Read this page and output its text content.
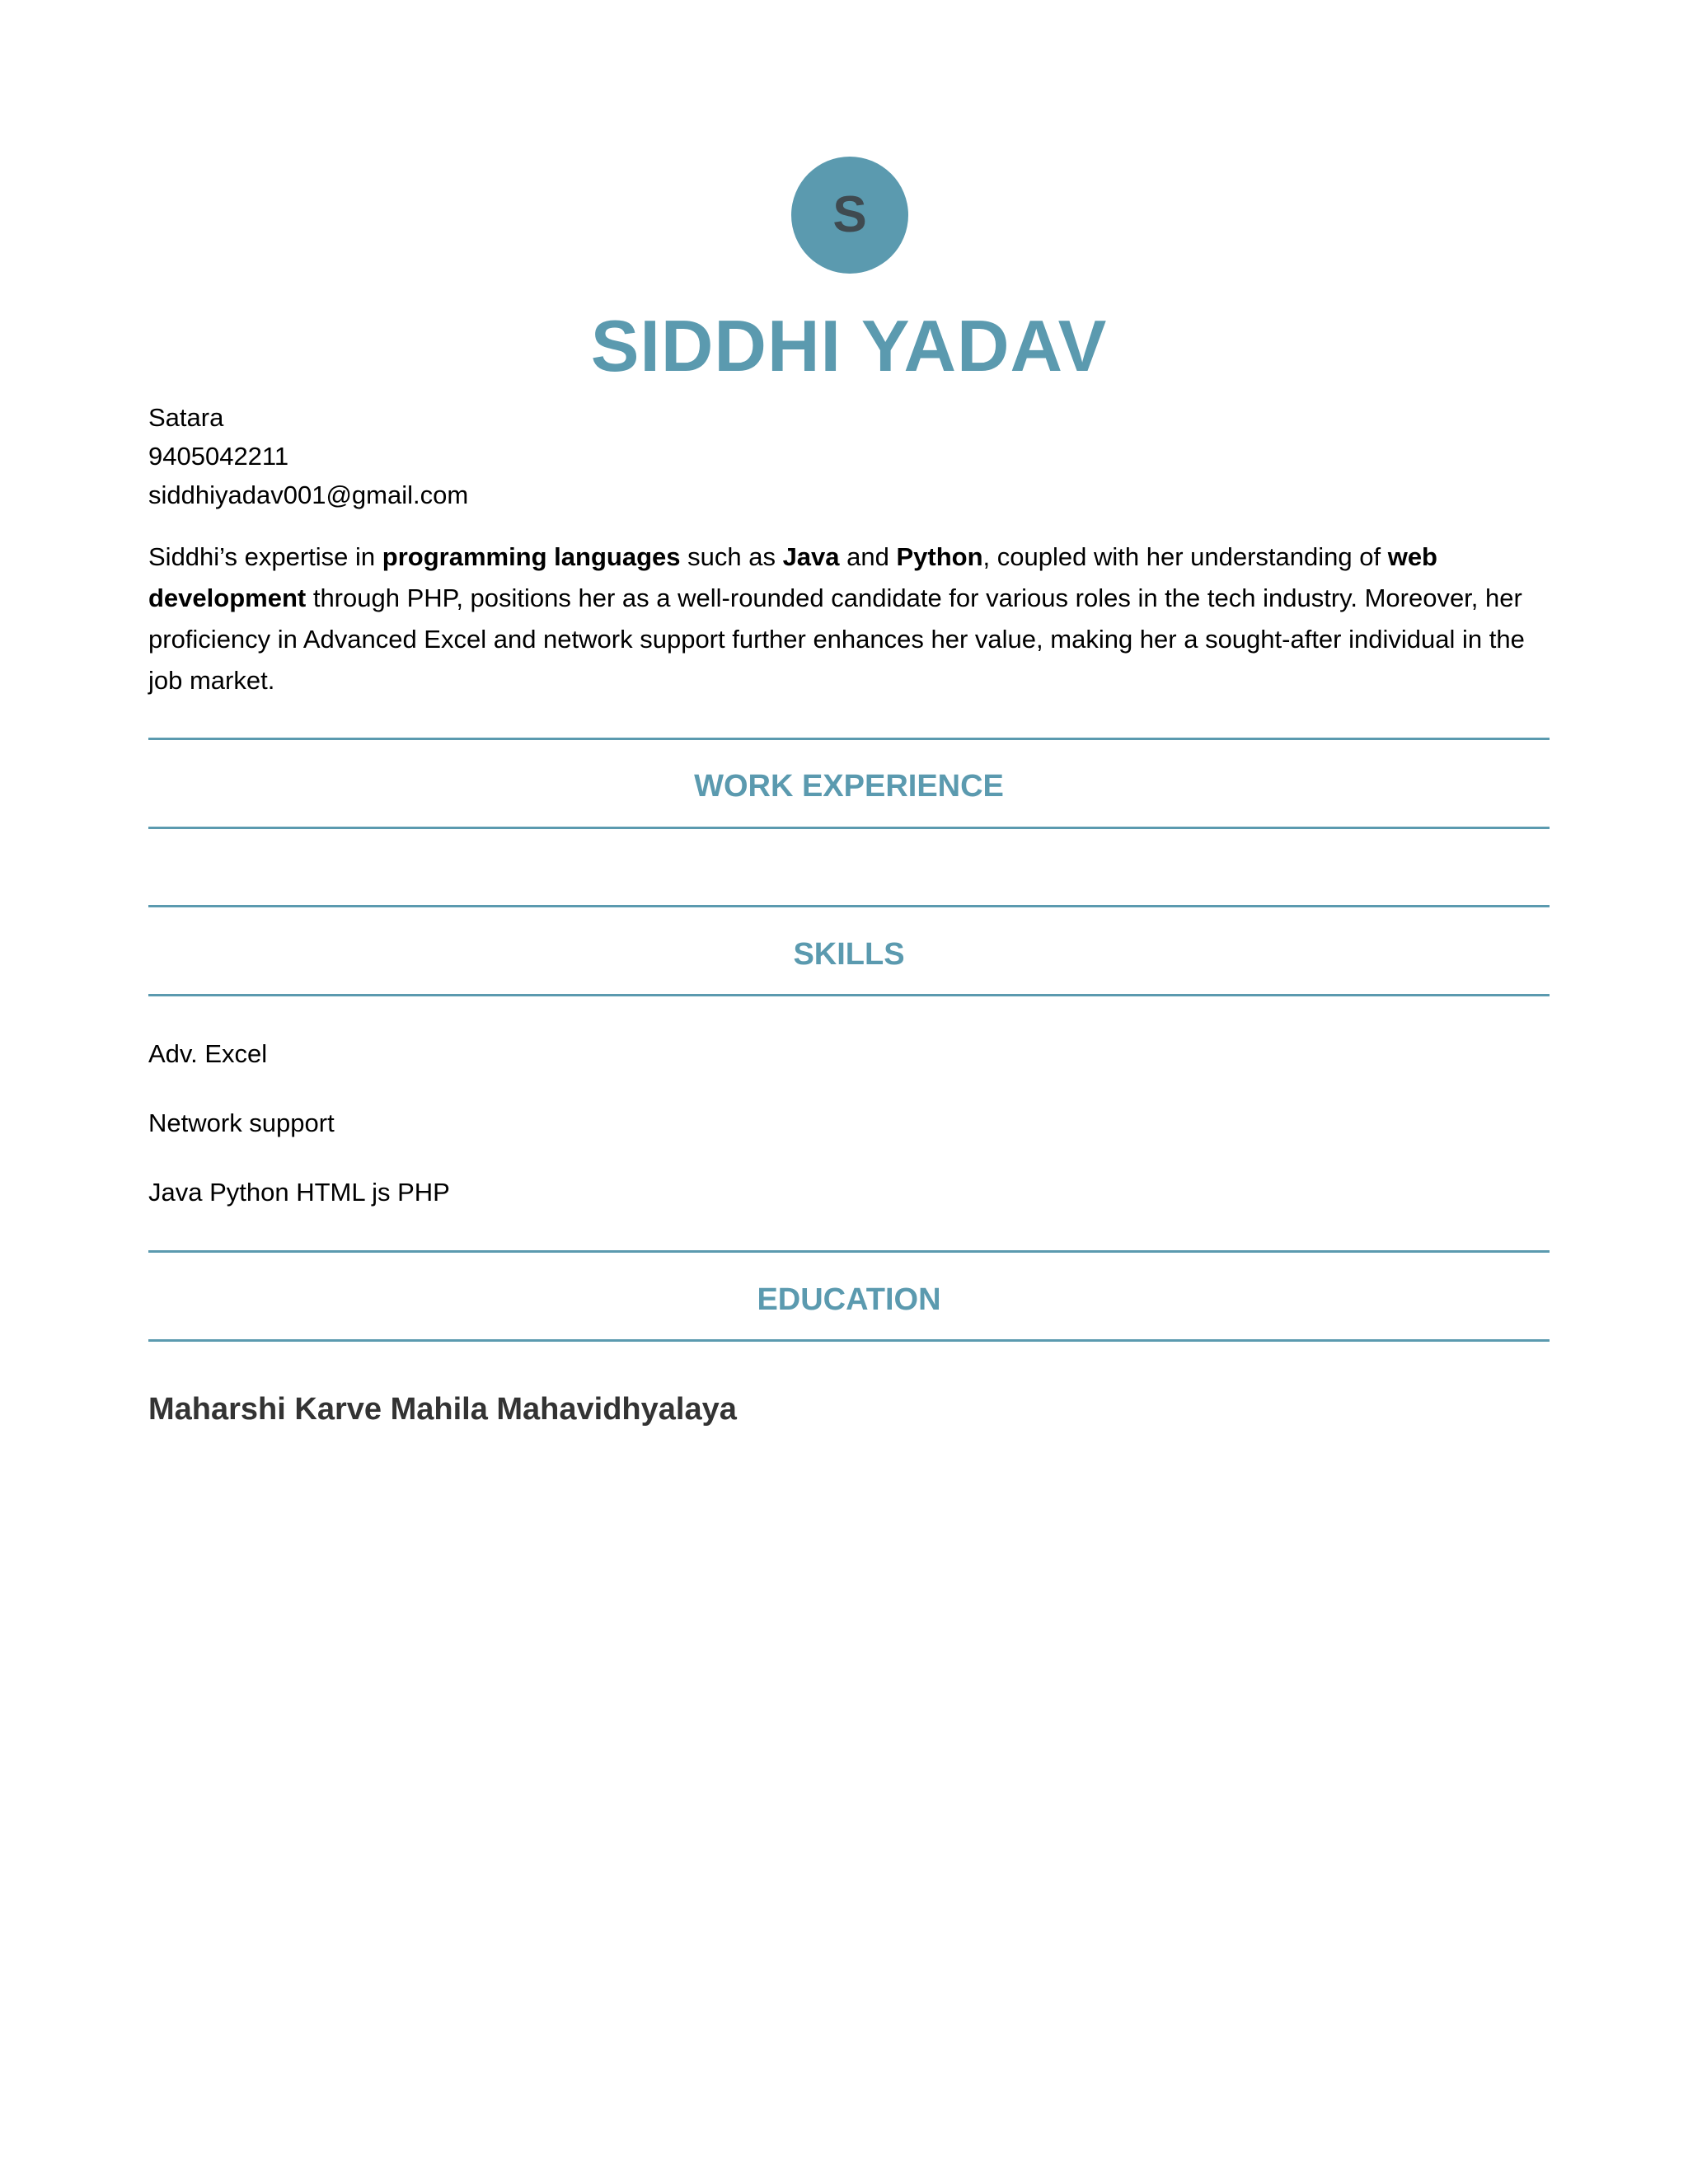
S
SIDDHI YADAV
Satara
9405042211
siddhiyadav001@gmail.com
Siddhi’s expertise in programming languages such as Java and Python, coupled with her understanding of web development through PHP, positions her as a well-rounded candidate for various roles in the tech industry. Moreover, her proficiency in Advanced Excel and network support further enhances her value, making her a sought-after individual in the job market.
WORK EXPERIENCE
SKILLS
Adv. Excel
Network support
Java Python HTML js PHP
EDUCATION
Maharshi Karve Mahila Mahavidhyalaya
